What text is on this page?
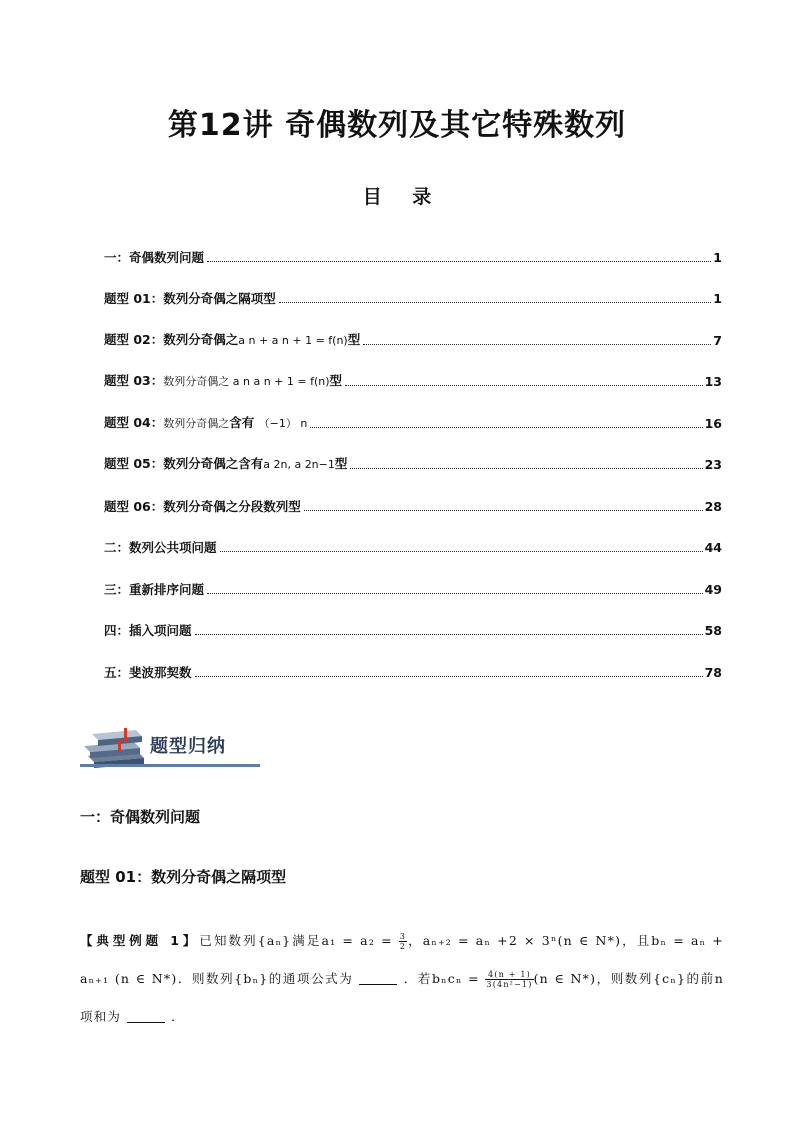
第12讲 奇偶数列及其它特殊数列
目 录
一：奇偶数列问题	1
题型 01：数列分奇偶之隔项型	1
题型 02：数列分奇偶之a n + a n + 1 = f(n)型	7
题型 03：数列分奇偶之 a n a n + 1 = f(n)型	13
题型 04：数列分奇偶之含有 （−1） n	16
题型 05：数列分奇偶之含有a 2n, a 2n−1型	23
题型 06：数列分奇偶之分段数列型	28
二：数列公共项问题	44
三：重新排序问题	49
四：插入项问题	58
五：斐波那契数	78
题型归纳
一：奇偶数列问题
题型 01：数列分奇偶之隔项型
【典型例题 1】已知数列{aₙ}满足$a_1 = a_2 = \frac{3}{2}$ ，aₙ₊₂ = aₙ +2 × 3ⁿ(n ∈ N*)，且bₙ = aₙ + aₙ₊₁ (n ∈ N*)．则数列{bₙ}的通项公式为	．若$b_nc_n = \frac{4(n + 1)}{\text{3(4n²−1)}} (n$ ∈ N*)，则数列{cₙ}的前n项和为	．
